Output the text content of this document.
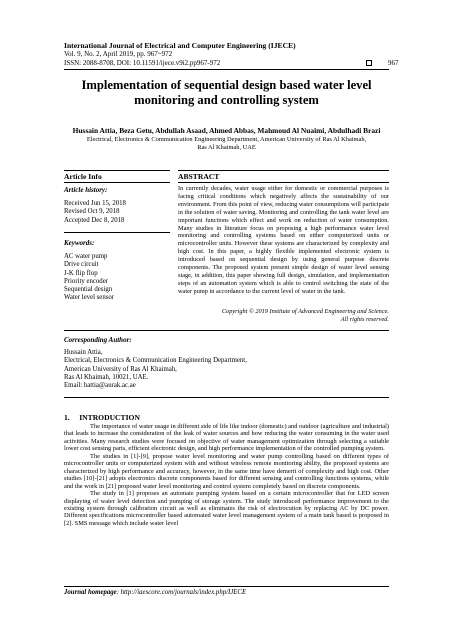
International Journal of Electrical and Computer Engineering (IJECE)
Vol. 9, No. 2, April 2019, pp. 967~972
ISSN: 2088-8708, DOI: 10.11591/ijece.v9i2.pp967-972	967
Implementation of sequential design based water level
monitoring and controlling system
Hussain Attia, Beza Getu, Abdullah Asaad, Ahmed Abbas, Mahmoud Al Nuaimi, Abdulhadi Brazi
Electrical, Electronics & Communication Engineering Department, American University of Ras Al Khaimah,
Ras Al Khaimah, UAE
Article Info
Article history:
Received Jun 15, 2018
Revised Oct 9, 2018
Accepted Dec 8, 2018
Keywords:
AC water pump
Drive circuit
J-K flip flop
Priority encoder
Sequential design
Water level sensor
ABSTRACT
In currently decades, water usage either for domestic or commercial purposes is facing critical conditions which negatively affects the sustainability of our environment. From this point of view, reducing water consumptions will participate in the solution of water saving. Monitoring and controlling the tank water level are important functions which effect and work on reduction of water consumption. Many studies in literature focus on proposing a high performance water level monitoring and controlling systems based on either computerized units or microcontroller units. However these systems are characterized by complexity and high cost. In this paper, a highly flexible implemented electronic system is introduced based on sequential design by using general purpose discrete components. The proposed system present simple design of water level sensing stage, in addition, this paper showing full design, simulation, and implementation steps of an automation system which is able to control switching the state of the water pump in accordance to the current level of water in the tank.
Copyright © 2019 Institute of Advanced Engineering and Science.
All rights reserved.
Corresponding Author:
Hussain Attia,
Electrical, Electronics & Communication Engineering Department,
American University of Ras Al Khaimah,
Ras Al Khaimah, 10021, UAE.
Email: hattia@aurak.ac.ae
1.     INTRODUCTION

The importance of water usage in different side of life like indoor (domestic) and outdoor (agriculture and industrial) that leads to increase the consideration of the leak of water sources and how reducing the water consuming in the water used activities. Many research studies were focused on objective of water management optimization through selecting a suitable lower cost sensing parts, efficient electronic design, and high performance implementation of the controlled pumping system.

The studies in [1]-[9], propose water level monitoring and water pump controlling based on different types of microcontroller units or computerized system with and without wireless remote monitoring ability, the proposed systems are characterized by high performance and accuracy, however, in the same time have demerit of complexity and high cost. Other studies [10]-[21] adopts electronics discrete components based for different sensing and controlling functions systems, while and the work in [21] proposed water level monitoring and control system completely based on discrete components.

The study in [1] proposes an automate pumping system based on a certain microcontroller that for LED screen displaying of water level detection and pumping of storage system. The study introduced performance improvement to the existing system through calibration circuit as well as eliminates the risk of electrocution by replacing AC by DC power. Different specifications microcontroller based automated water level management system of a main tank based is proposed in [2]. SMS message which include water level

Journal homepage: http://iaescore.com/journals/index.php/IJECE
